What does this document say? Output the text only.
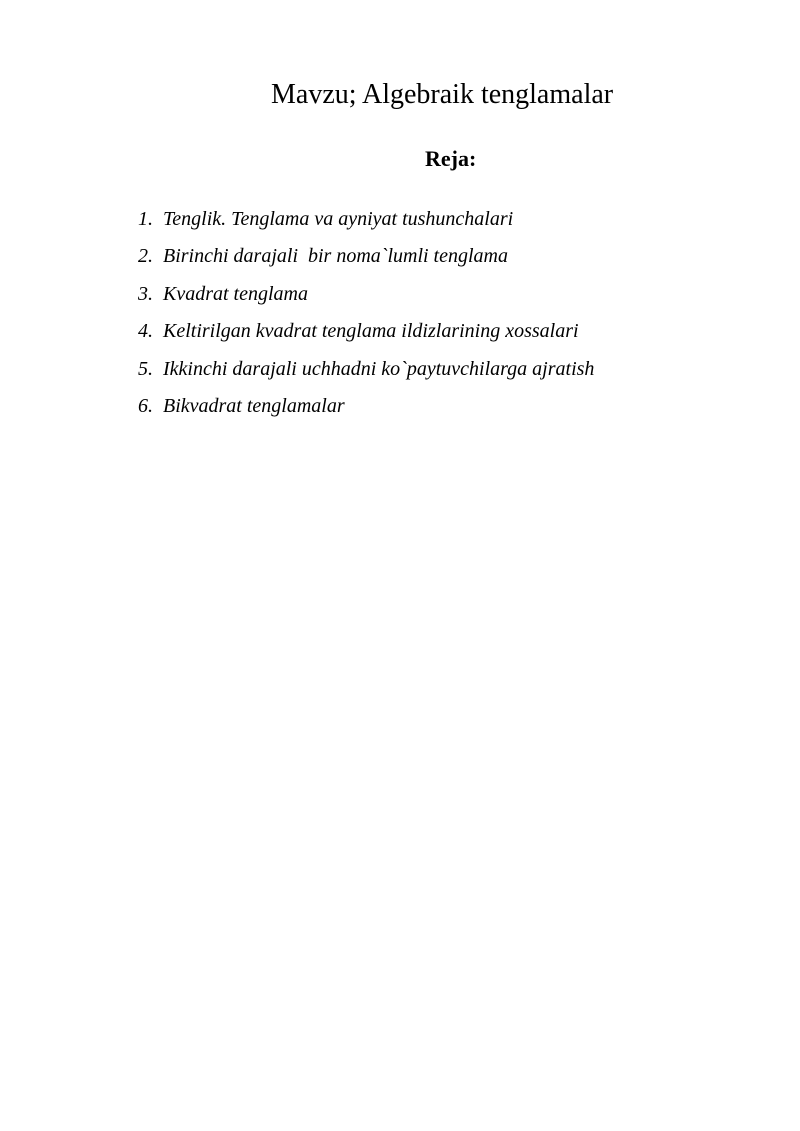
Mavzu; Algebraik tenglamalar
Reja:
1. Tenglik. Tenglama va ayniyat tushunchalari
2. Birinchi darajali  bir noma`lumli tenglama
3. Kvadrat tenglama
4. Keltirilgan kvadrat tenglama ildizlarining xossalari
5. Ikkinchi darajali uchhadni ko`paytuvchilarga ajratish
6. Bikvadrat tenglamalar
